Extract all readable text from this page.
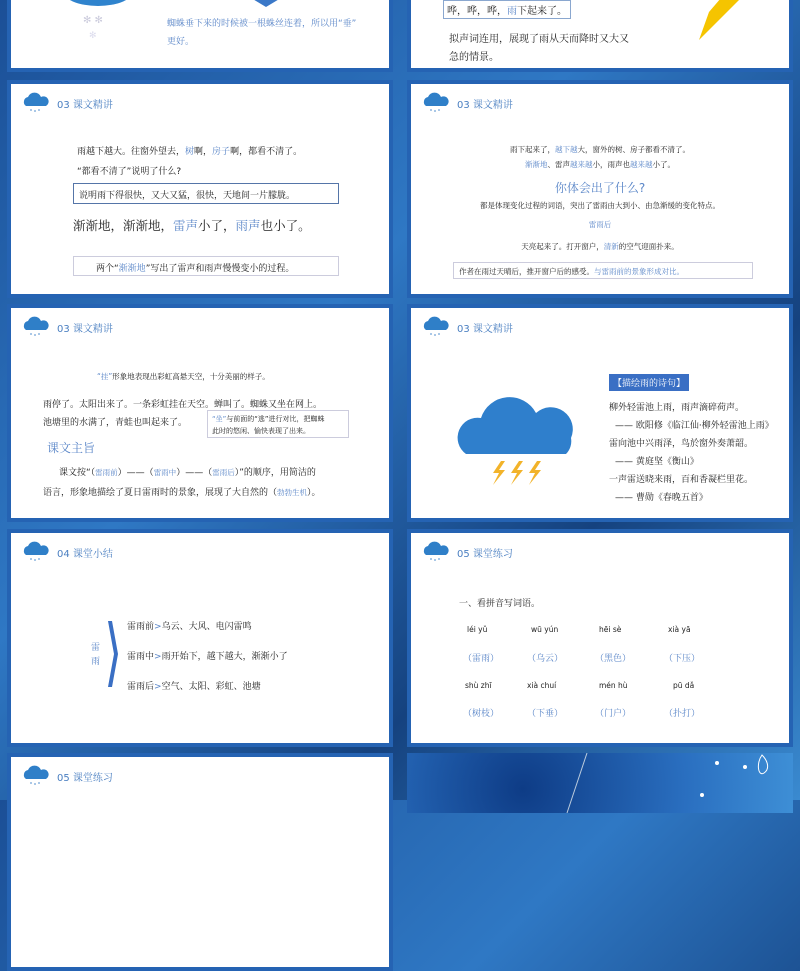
✻ ✻
✻
蜘蛛垂下来的时候被一根蛛丝连着，所以用“垂”
更好。
哗，哗，哗，雨下起来了。
拟声词连用，展现了雨从天而降时又大又
急的情景。
03 课文精讲
雨越下越大。往窗外望去，树啊，房子啊，都看不清了。
“都看不清了”说明了什么?
说明雨下得很快，又大又猛，很快，天地间一片朦胧。
渐渐地，渐渐地，雷声小了，雨声也小了。
两个“渐渐地”写出了雷声和雨声慢慢变小的过程。
03 课文精讲
雨下起来了，越下越大，窗外的树、房子都看不清了。
渐渐地、雷声越来越小，雨声也越来越小了。
你体会出了什么?
都是体现变化过程的词语，突出了雷雨由大到小、由急渐缓的变化特点。
雷雨后
天亮起来了。打开窗户，清新的空气迎面扑来。
作者在雨过天晴后，推开窗户后的感受。与雷雨前的景象形成对比。
03 课文精讲
“挂”形象地表现出彩虹高悬天空，十分美丽的样子。
雨停了。太阳出来了。一条彩虹挂在天空。蝉叫了。蜘蛛又坐在网上。
池塘里的水满了，青蛙也叫起来了。	“坐”与前面的“逃”进行对比，把蜘蛛
此时的悠闲、愉快表现了出来。
课文主旨
课文按“（雷雨前）——（雷雨中）——（雷雨后）”的顺序，用简洁的
语言，形象地描绘了夏日雷雨时的景象，展现了大自然的（勃勃生机）。
03 课文精讲
【描绘雨的诗句】
柳外轻雷池上雨，雨声滴碎荷声。
—— 欧阳修《临江仙·柳外轻雷池上雨》
雷向池中兴雨泽，鸟於窗外奏萧韶。
—— 黄庭坚《衡山》
一声雷送晓来雨，百和香凝栏里花。
—— 曹勋《春晚五首》
04 课堂小结
雷雨
雷雨前>乌云、大风、电闪雷鸣
雷雨中>雨开始下，越下越大，渐渐小了
雷雨后>空气、太阳、彩虹、池塘
05 课堂练习
一、看拼音写词语。
léi yǔ	wū yún	hēi sè	xià yā
（雷雨）	（乌云）	（黑色）	（下压）
shù zhī	xià chuí	mén hù	pū dǎ
（树枝）	（下垂）	（门户）	（扑打）
05 课堂练习
